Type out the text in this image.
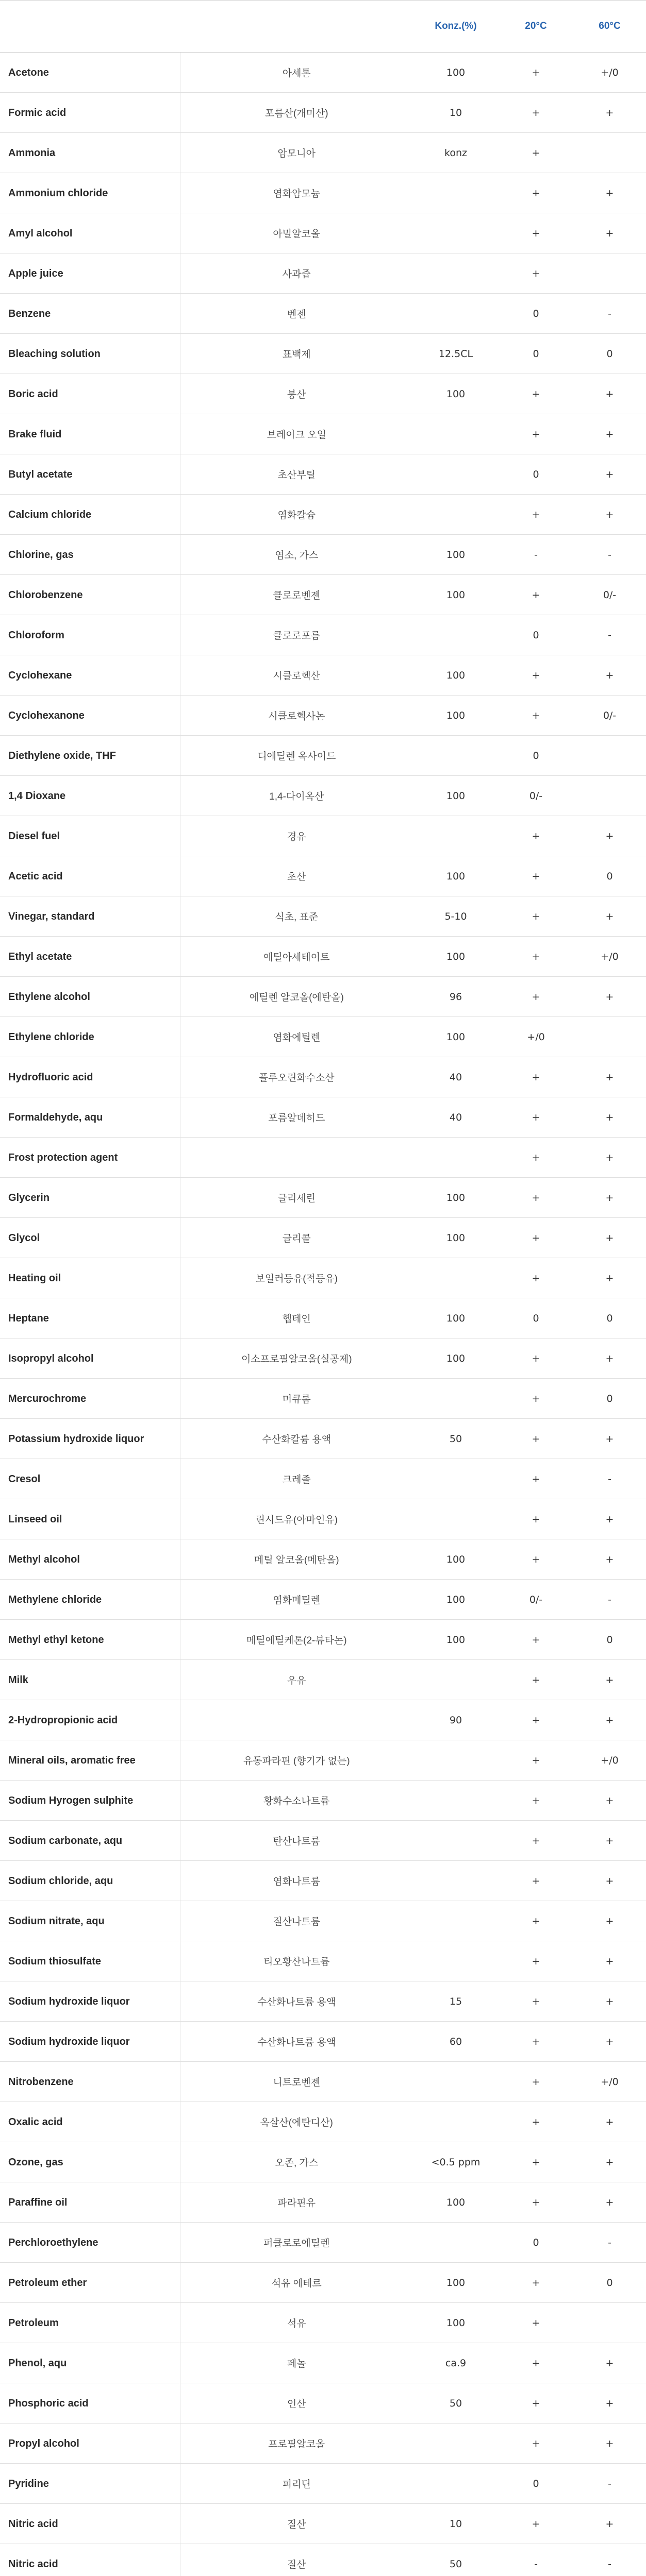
		Konz.(%)	20°C	60°C
Acetone	아세톤	100	+	+/0
Formic acid	포름산(개미산)	10	+	+
Ammonia	암모니아	konz	+	
Ammonium chloride	염화암모늄		+	+
Amyl alcohol	아밀알코올		+	+
Apple juice	사과즙		+	
Benzene	벤젠		0	-
Bleaching solution	표백제	12.5CL	0	0
Boric acid	붕산	100	+	+
Brake fluid	브레이크 오일		+	+
Butyl acetate	초산부틸		0	+
Calcium chloride	염화칼슘		+	+
Chlorine, gas	염소, 가스	100	-	-
Chlorobenzene	클로로벤젠	100	+	0/-
Chloroform	클로로포름		0	-
Cyclohexane	시클로헥산	100	+	+
Cyclohexanone	시클로헥사논	100	+	0/-
Diethylene oxide, THF	디에틸렌 옥사이드		0	
1,4 Dioxane	1,4-다이옥산	100	0/-	
Diesel fuel	경유		+	+
Acetic acid	초산	100	+	0
Vinegar, standard	식초, 표준	5-10	+	+
Ethyl acetate	에틸아세테이트	100	+	+/0
Ethylene alcohol	에틸렌 알코올(에탄올)	96	+	+
Ethylene chloride	염화에틸렌	100	+/0	
Hydrofluoric acid	플루오린화수소산	40	+	+
Formaldehyde, aqu	포름알데히드	40	+	+
Frost protection agent			+	+
Glycerin	글리세린	100	+	+
Glycol	글리콜	100	+	+
Heating oil	보일러등유(적등유)		+	+
Heptane	헵테인	100	0	0
Isopropyl alcohol	이소프로필알코올(실공제)	100	+	+
Mercurochrome	머큐롬		+	0
Potassium hydroxide liquor	수산화칼륨 용액	50	+	+
Cresol	크레졸		+	-
Linseed oil	린시드유(아마인유)		+	+
Methyl alcohol	메틸 알코올(메탄올)	100	+	+
Methylene chloride	염화메틸렌	100	0/-	-
Methyl ethyl ketone	메틸에틸케톤(2-뷰타논)	100	+	0
Milk	우유		+	+
2-Hydropropionic acid		90	+	+
Mineral oils, aromatic free	유동파라핀 (향기가 없는)		+	+/0
Sodium Hyrogen sulphite	황화수소나트륨		+	+
Sodium carbonate, aqu	탄산나트륨		+	+
Sodium chloride, aqu	염화나트륨		+	+
Sodium nitrate, aqu	질산나트륨		+	+
Sodium thiosulfate	티오황산나트륨		+	+
Sodium hydroxide liquor	수산화나트륨 용액	15	+	+
Sodium hydroxide liquor	수산화나트륨 용액	60	+	+
Nitrobenzene	니트로벤젠		+	+/0
Oxalic acid	옥살산(에탄디산)		+	+
Ozone, gas	오존, 가스	<0.5 ppm	+	+
Paraffine oil	파라핀유	100	+	+
Perchloroethylene	퍼클로로에틸렌		0	-
Petroleum ether	석유 에테르	100	+	0
Petroleum	석유	100	+	
Phenol, aqu	페놀	ca.9	+	+
Phosphoric acid	인산	50	+	+
Propyl alcohol	프로필알코올		+	+
Pyridine	피리딘		0	-
Nitric acid	질산	10	+	+
Nitric acid	질산	50	-	-
